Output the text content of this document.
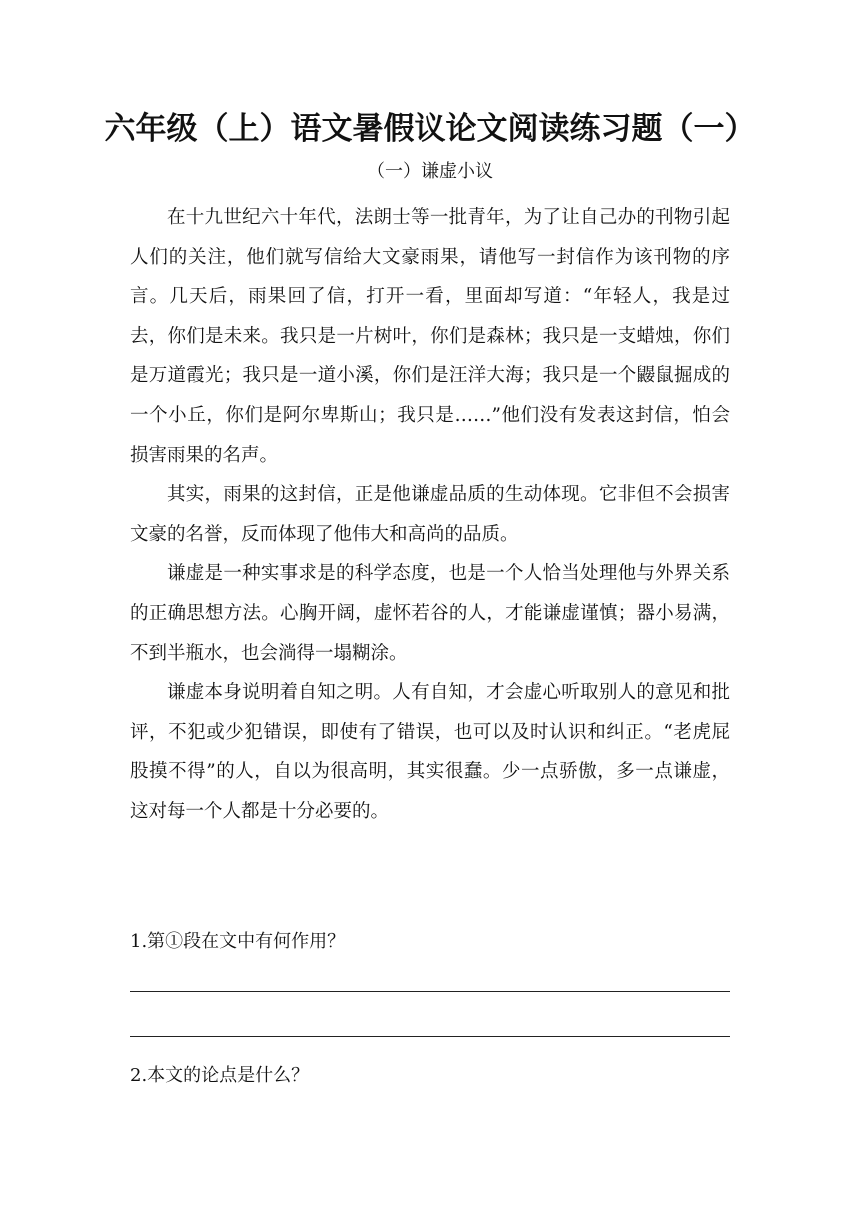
六年级（上）语文暑假议论文阅读练习题（一）
（一）谦虚小议

在十九世纪六十年代，法朗士等一批青年，为了让自己办的刊物引起人们的关注，他们就写信给大文豪雨果，请他写一封信作为该刊物的序言。几天后，雨果回了信，打开一看，里面却写道：“年轻人，我是过去，你们是未来。我只是一片树叶，你们是森林；我只是一支蜡烛，你们是万道霞光；我只是一道小溪，你们是汪洋大海；我只是一个鼹鼠掘成的一个小丘，你们是阿尔卑斯山；我只是……”他们没有发表这封信，怕会损害雨果的名声。

其实，雨果的这封信，正是他谦虚品质的生动体现。它非但不会损害文豪的名誉，反而体现了他伟大和高尚的品质。

谦虚是一种实事求是的科学态度，也是一个人恰当处理他与外界关系的正确思想方法。心胸开阔，虚怀若谷的人，才能谦虚谨慎；器小易满，不到半瓶水，也会淌得一塌糊涂。

谦虚本身说明着自知之明。人有自知，才会虚心听取别人的意见和批评，不犯或少犯错误，即使有了错误，也可以及时认识和纠正。“老虎屁股摸不得”的人，自以为很高明，其实很蠢。少一点骄傲，多一点谦虚，这对每一个人都是十分必要的。

1.第①段在文中有何作用？
2.本文的论点是什么？
